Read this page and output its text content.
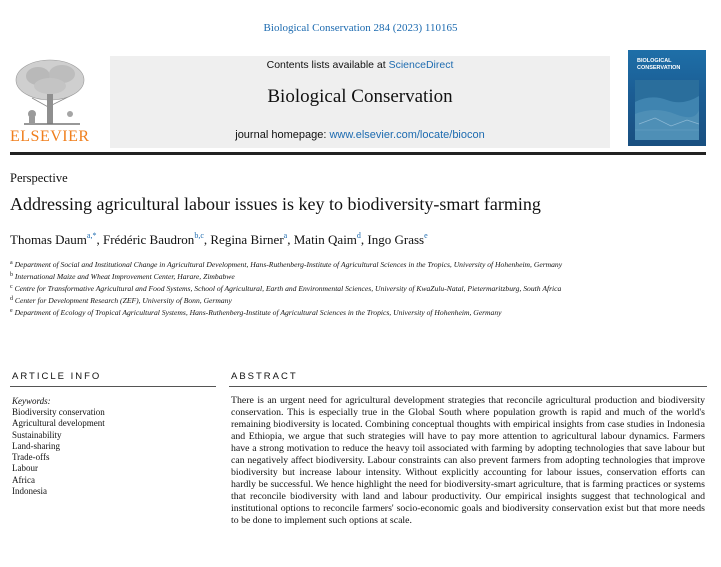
Biological Conservation 284 (2023) 110165
ELSEVIER
Contents lists available at ScienceDirect
Biological Conservation
journal homepage: www.elsevier.com/locate/biocon
BIOLOGICAL
CONSERVATION
Perspective
Addressing agricultural labour issues is key to biodiversity-smart farming
Thomas Daum$^{a,*}$, Frédéric Baudron$^{b,c}$, Regina Birner$^a$, Matin Qaim$^d$, Ingo Grass$^e$

$^a$ Department of Social and Institutional Change in Agricultural Development, Hans-Ruthenberg-Institute of Agricultural Sciences in the Tropics, University of Hohenheim, Germany

$^b$ International Maize and Wheat Improvement Center, Harare, Zimbabwe

$^c$ Centre for Transformative Agricultural and Food Systems, School of Agricultural, Earth and Environmental Sciences, University of KwaZulu-Natal, Pietermaritzburg, South Africa

$^d$ Center for Development Research (ZEF), University of Bonn, Germany

$^e$ Department of Ecology of Tropical Agricultural Systems, Hans-Ruthenberg-Institute of Agricultural Sciences in the Tropics, University of Hohenheim, Germany

ARTICLE INFO	ABSTRACT
Keywords:
Biodiversity conservation
Agricultural development
Sustainability
Land-sharing
Trade-offs
Labour
Africa
Indonesia

There is an urgent need for agricultural development strategies that reconcile agricultural production and biodiversity conservation. This is especially true in the Global South where population growth is rapid and much of the world's remaining biodiversity is located. Combining conceptual thoughts with empirical insights from case studies in Indonesia and Ethiopia, we argue that such strategies will have to pay more attention to agricultural labour dynamics. Farmers have a strong motivation to reduce the heavy toil associated with farming by adopting technologies that save labour but can negatively affect biodiversity. Labour constraints can also prevent farmers from adopting technologies that improve biodiversity but increase labour intensity. Without explicitly accounting for labour issues, conservation efforts can hardly be successful. We hence highlight the need for biodiversity-smart agriculture, that is farming practices or systems that reconcile biodiversity with land and labour productivity. Our empirical insights suggest that technological and institutional options to reconcile farmers' socio-economic goals and biodiversity conservation exist but that more needs to be done to implement such options at scale.
